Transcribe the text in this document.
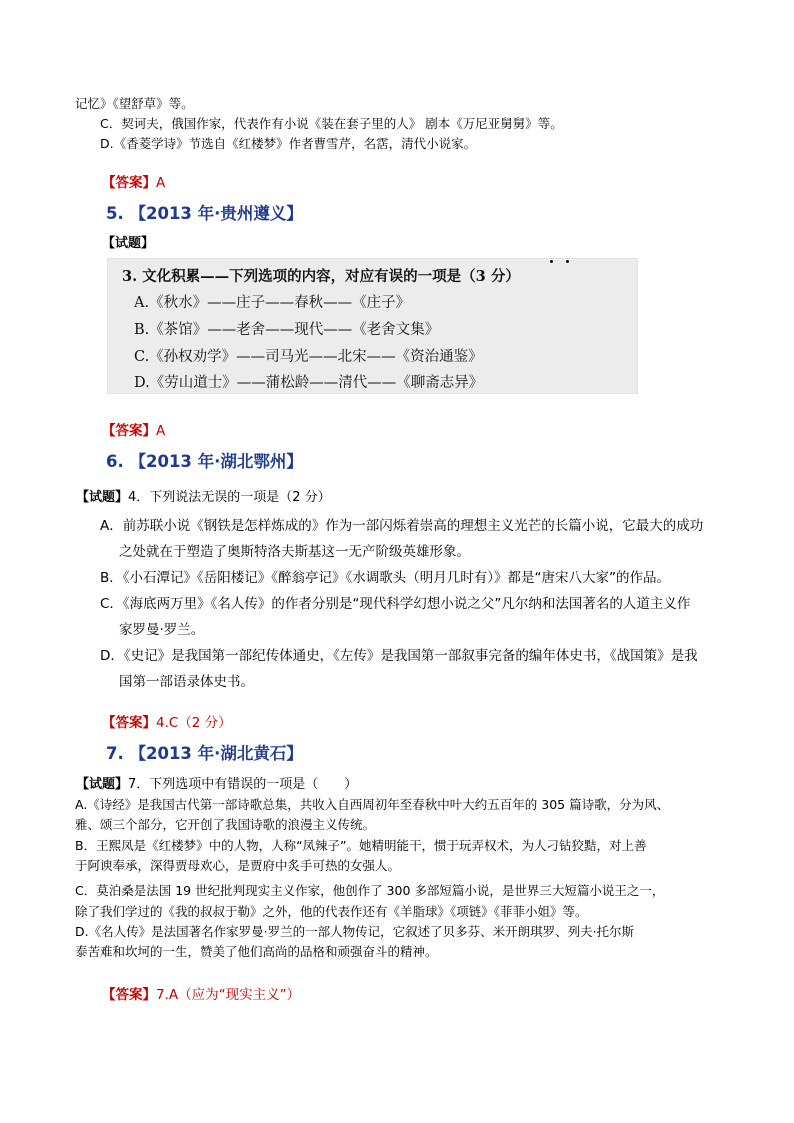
记忆》《望舒草》等。
C．契诃夫，俄国作家，代表作有小说《装在套子里的人》 剧本《万尼亚舅舅》等。
D.《香菱学诗》节选自《红楼梦》作者曹雪芹，名霑，清代小说家。
【答案】A
5. 【2013 年·贵州遵义】
【试题】
3. 文化积累——下列选项的内容，对应有误的一项是（3 分）
A.《秋水》——庄子——春秋——《庄子》
B.《茶馆》——老舍——现代——《老舍文集》
C.《孙权劝学》——司马光——北宋——《资治通鉴》
D.《劳山道士》——蒲松龄——清代——《聊斋志异》
【答案】A
6. 【2013 年·湖北鄂州】
【试题】4．下列说法无误的一项是（2 分）
A．前苏联小说《钢铁是怎样炼成的》作为一部闪烁着崇高的理想主义光芒的长篇小说，它最大的成功
之处就在于塑造了奥斯特洛夫斯基这一无产阶级英雄形象。
B．《小石潭记》《岳阳楼记》《醉翁亭记》《水调歌头（明月几时有）》都是“唐宋八大家”的作品。
C．《海底两万里》《名人传》的作者分别是“现代科学幻想小说之父”凡尔纳和法国著名的人道主义作
家罗曼·罗兰。
D．《史记》是我国第一部纪传体通史，《左传》是我国第一部叙事完备的编年体史书，《战国策》是我
国第一部语录体史书。
【答案】4.C（2 分）
7. 【2013 年·湖北黄石】
【试题】7．下列选项中有错误的一项是（　　）
A.《诗经》是我国古代第一部诗歌总集，共收入自西周初年至春秋中叶大约五百年的 305 篇诗歌，分为风、
雅、颂三个部分，它开创了我国诗歌的浪漫主义传统。
B．王熙凤是《红楼梦》中的人物，人称“凤辣子”。她精明能干，惯于玩弄权术，为人刁钻狡黠，对上善
于阿谀奉承，深得贾母欢心，是贾府中炙手可热的女强人。
C．莫泊桑是法国 19 世纪批判现实主义作家，他创作了 300 多部短篇小说，是世界三大短篇小说王之一，
除了我们学过的《我的叔叔于勒》之外，他的代表作还有《羊脂球》《项链》《菲菲小姐》等。
D.《名人传》是法国著名作家罗曼·罗兰的一部人物传记，它叙述了贝多芬、米开朗琪罗、列夫·托尔斯
泰苦难和坎坷的一生，赞美了他们高尚的品格和顽强奋斗的精神。
【答案】7.A（应为“现实主义”）
